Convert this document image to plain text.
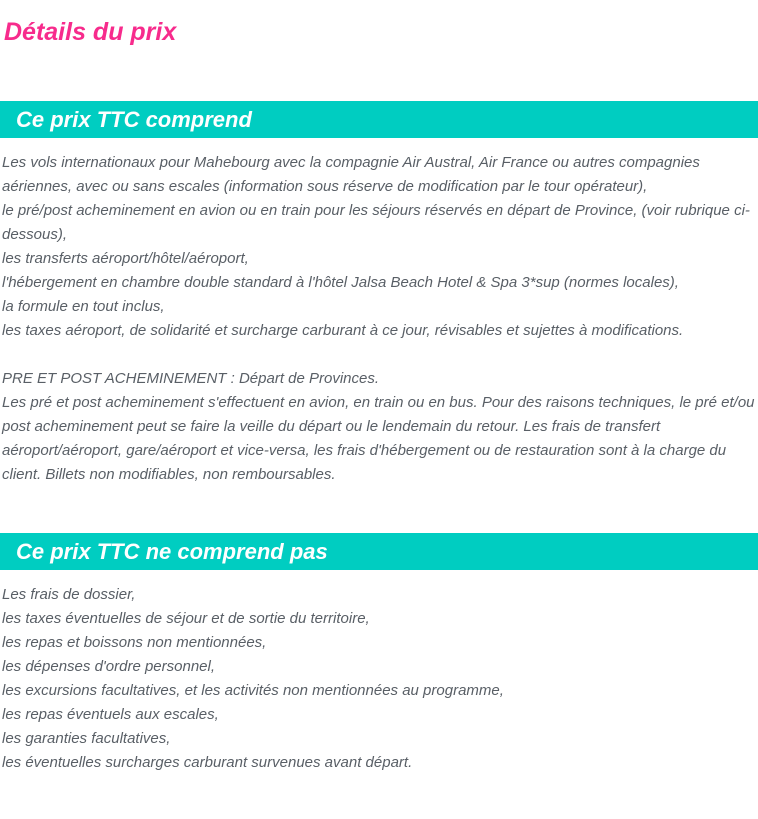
Détails du prix
Ce prix TTC comprend
Les vols internationaux pour Mahebourg avec la compagnie Air Austral, Air France ou autres compagnies aériennes, avec ou sans escales (information sous réserve de modification par le tour opérateur),
le pré/post acheminement en avion ou en train pour les séjours réservés en départ de Province, (voir rubrique ci-dessous),
les transferts aéroport/hôtel/aéroport,
l'hébergement en chambre double standard à l'hôtel Jalsa Beach Hotel & Spa 3*sup (normes locales),
la formule en tout inclus,
les taxes aéroport, de solidarité et surcharge carburant à ce jour, révisables et sujettes à modifications.
PRE ET POST ACHEMINEMENT : Départ de Provinces.
Les pré et post acheminement s'effectuent en avion, en train ou en bus. Pour des raisons techniques, le pré et/ou post acheminement peut se faire la veille du départ ou le lendemain du retour. Les frais de transfert aéroport/aéroport, gare/aéroport et vice-versa, les frais d'hébergement ou de restauration sont à la charge du client. Billets non modifiables, non remboursables.
Ce prix TTC ne comprend pas
Les frais de dossier,
les taxes éventuelles de séjour et de sortie du territoire,
les repas et boissons non mentionnées,
les dépenses d'ordre personnel,
les excursions facultatives, et les activités non mentionnées au programme,
les repas éventuels aux escales,
les garanties facultatives,
les éventuelles surcharges carburant survenues avant départ.
